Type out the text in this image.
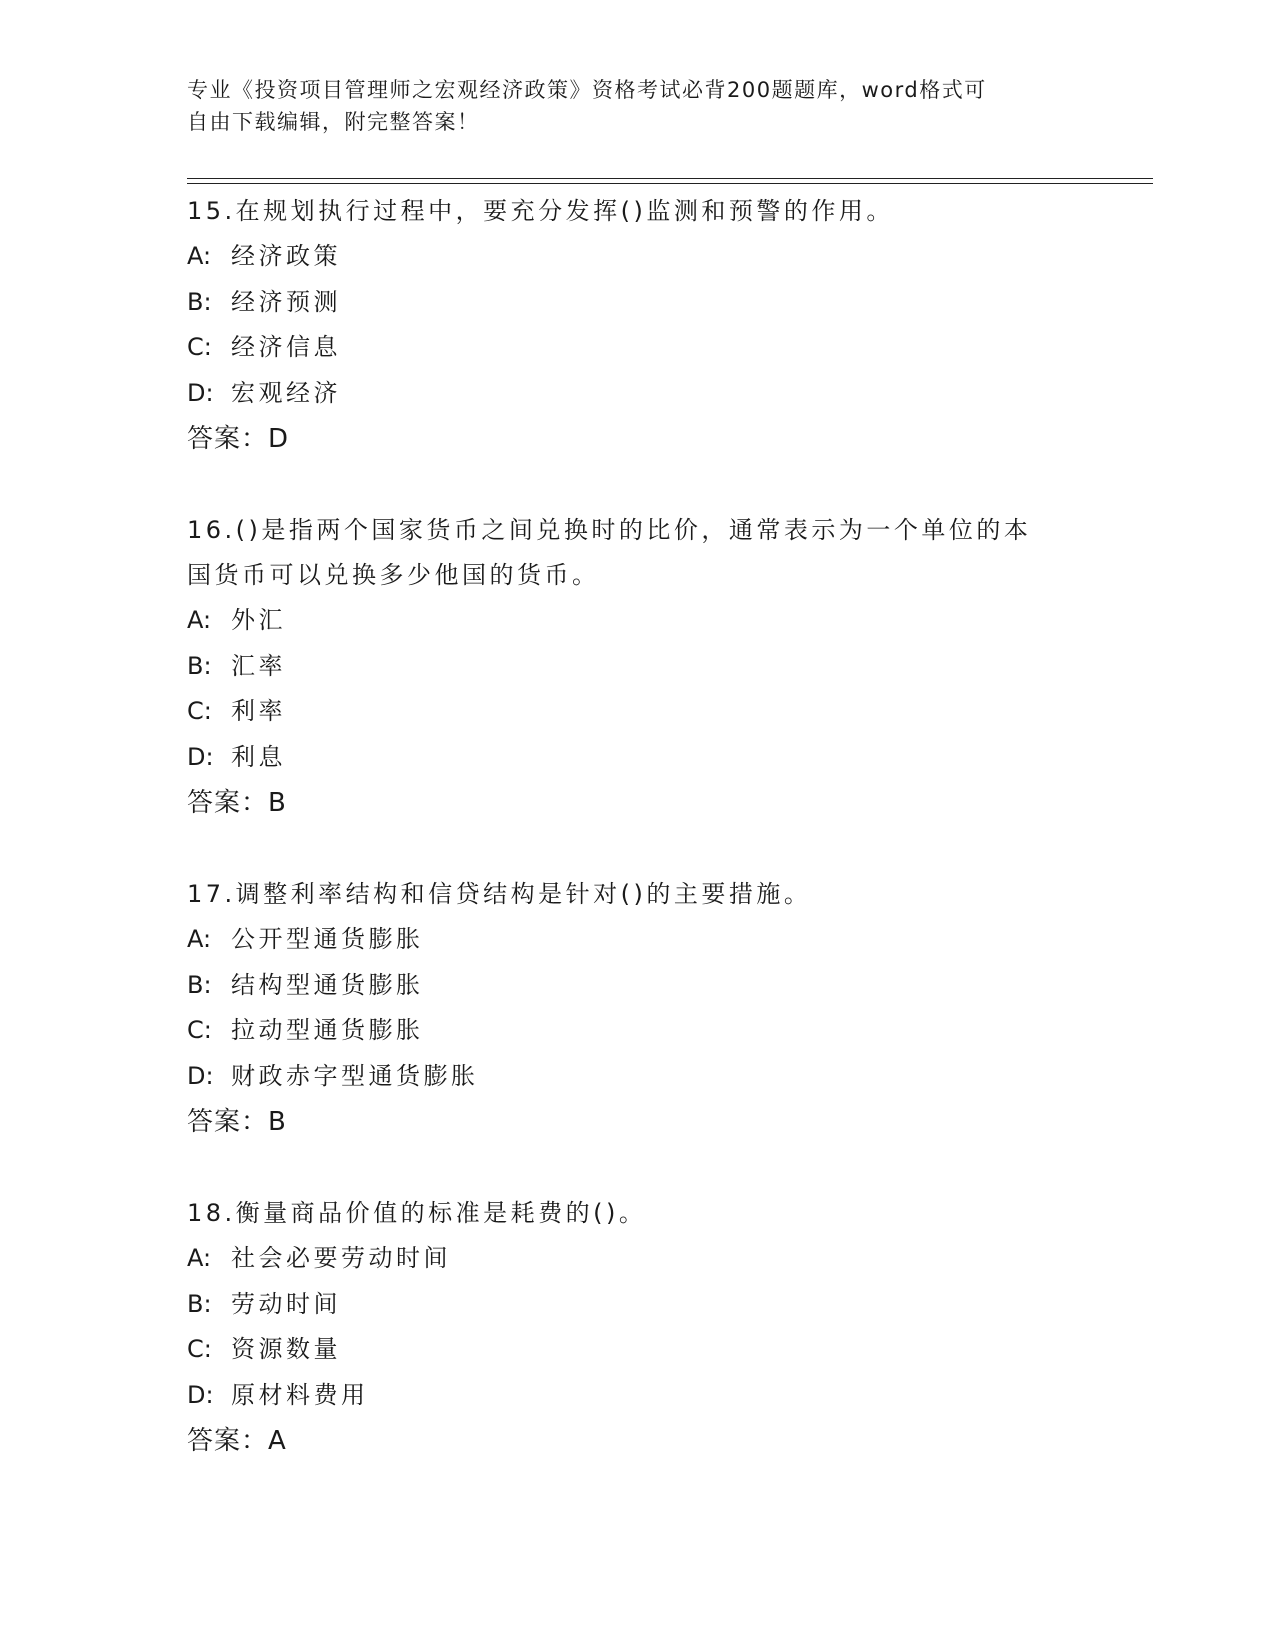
专业《投资项目管理师之宏观经济政策》资格考试必背200题题库，word格式可
自由下载编辑，附完整答案！

15.在规划执行过程中，要充分发挥()监测和预警的作用。

A: 经济政策

B: 经济预测

C: 经济信息

D: 宏观经济

答案：D

16.()是指两个国家货币之间兑换时的比价，通常表示为一个单位的本

国货币可以兑换多少他国的货币。

A: 外汇

B: 汇率

C: 利率

D: 利息

答案：B

17.调整利率结构和信贷结构是针对()的主要措施。

A: 公开型通货膨胀

B: 结构型通货膨胀

C: 拉动型通货膨胀

D: 财政赤字型通货膨胀

答案：B

18.衡量商品价值的标准是耗费的()。

A: 社会必要劳动时间

B: 劳动时间

C: 资源数量

D: 原材料费用

答案：A
